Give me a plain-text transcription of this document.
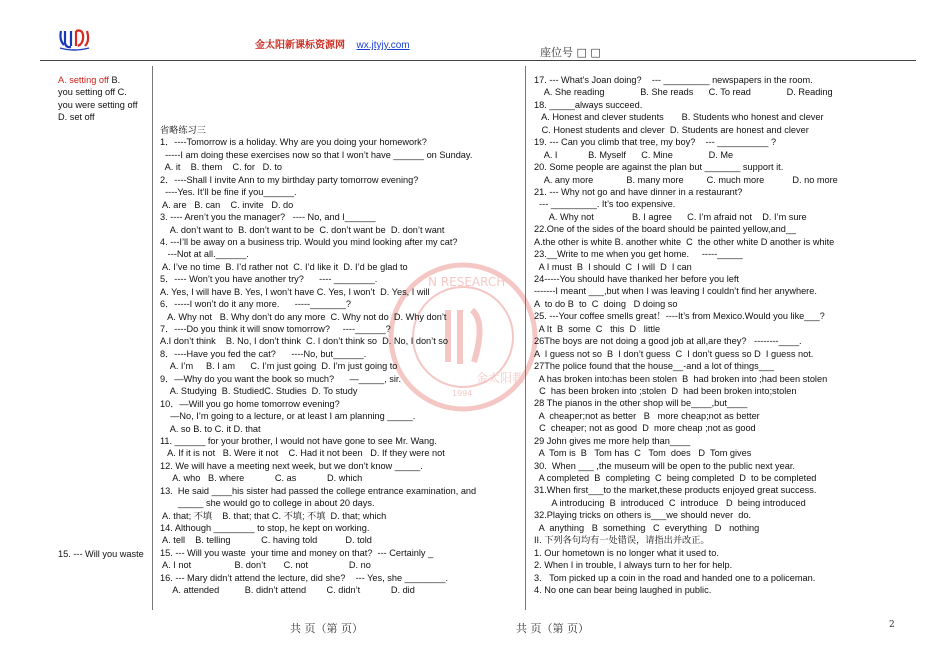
金太阳新课标资源网 wx.jtyjy.com
座位号 □ □
N RESEARCH
金太阳教
1994
A. setting off B.
you setting off C.
you were setting off
D. set off
15. --- Will you waste
省略练习三
1．----Tomorrow is a holiday. Why are you doing your homework?
-----I am doing these exercises now so that I won’t have ______ on Sunday.
A. it    B. them    C. for   D. to
2．----Shall I invite Ann to my birthday party tomorrow evening?
----Yes. It’ll be fine if you______.
A. are   B. can    C. invite   D. do
3. ---- Aren’t you the manager?   ---- No, and I______
A. don’t want to  B. don’t want to be  C. don’t want be  D. don’t want
4. ---I’ll be away on a business trip. Would you mind looking after my cat?
---Not at all.______.
A. I’ve no time  B. I’d rather not  C. I’d like it  D. I’d be glad to
5．---- Won’t you have another try?      ---- ________.
A. Yes, I will have B. Yes, I won’t have C. Yes, I won’t  D. Yes, I will
6．-----I won’t do it any more.      -----_______?
A. Why not   B. Why don’t do any more  C. Why not do  D. Why don’t
7．----Do you think it will snow tomorrow?     ----______?
A.I don’t think    B. No, I don’t think  C. I don’t think so  D. No, I don’t so
8．----Have you fed the cat?      ----No, but______.
A. I’m     B. I am      C. I’m just going  D. I’m just going to
9．—Why do you want the book so much?      —_____, sir.
A. Studying  B. StudiedC. Studies  D. To study
10．—Will you go home tomorrow evening?
—No, I’m going to a lecture, or at least I am planning _____.
A. so B. to C. it D. that
11. ______ for your brother, I would not have gone to see Mr. Wang.
A. If it is not   B. Were it not    C. Had it not been   D. If they were not
12. We will have a meeting next week, but we don’t know _____.
A. who   B. where            C. as            D. which
13.  He said ____his sister had passed the college entrance examination, and
_____ she would go to college in about 20 days.
A. that; 不填    B. that; that C. 不填; 不填  D. that; which
14. Although ________ to stop, he kept on working.
A. tell    B. telling            C. having told           D. told
15. --- Will you waste  your time and money on that?  --- Certainly _
A. I not                 B. don’t       C. not                D. no
16. --- Mary didn’t attend the lecture, did she?    --- Yes, she ________.
A. attended          B. didn’t attend        C. didn’t            D. did
17. --- What’s Joan doing?    --- _________ newspapers in the room.
A. She reading              B. She reads      C. To read              D. Reading
18. _____always succeed.
A. Honest and clever students       B. Students who honest and clever
C. Honest students and clever  D. Students are honest and clever
19. --- Can you climb that tree, my boy?    --- __________ ?
A. I            B. Myself      C. Mine              D. Me
20. Some people are against the plan but _______ support it.
A. any more             B. many more         C. much more           D. no more
21. --- Why not go and have dinner in a restaurant?
--- _________. It’s too expensive.
A. Why not               B. I agree      C. I’m afraid not    D. I’m sure
22.One of the sides of the board should be painted yellow,and__
A.the other is white B. another white  C  the other white D another is white
23.__Write to me when you get home.     -----_____
A I must  B  I should  C  I will  D  I can
24-----You should have thanked her before you left
-------I meant ___,but when I was leaving I couldn’t find her anywhere.
A  to do B  to  C  doing   D doing so
25. ---Your coffee smells great！----It’s from Mexico.Would you like___?
A It  B  some  C   this  D   little
26The boys are not doing a good job at all,are they?   --------____.
A  I guess not so  B  I don’t guess  C  I don’t guess so D  I guess not.
27The police found that the house__-and a lot of things___
A has broken into:has been stolen  B  had broken into ;had been stolen
C  has been broken into ;stolen  D  had been broken into;stolen
28 The pianos in the other shop will be____,but____
A  cheaper;not as better   B   more cheap;not as better
C  cheaper; not as good  D  more cheap ;not as good
29 John gives me more help than____
A  Tom is  B   Tom has  C   Tom  does   D  Tom gives
30.  When ___ ,the museum will be open to the public next year.
A completed  B  completing  C  being completed  D  to be completed
31.When first___to the market,these products enjoyed great success.
A introducing  B  introduced  C  introduce   D  being introduced
32.Playing tricks on others is___we should never  do.
A  anything   B  something   C  everything   D   nothing
II. 下列各句均有一处错误，请指出并改正。
1. Our hometown is no longer what it used to.
2. When I in trouble, I always turn to her for help.
3.   Tom picked up a coin in the road and handed one to a policeman.
4. No one can bear being laughed in public.
共 页（第 页）	共 页（第 页）	2
